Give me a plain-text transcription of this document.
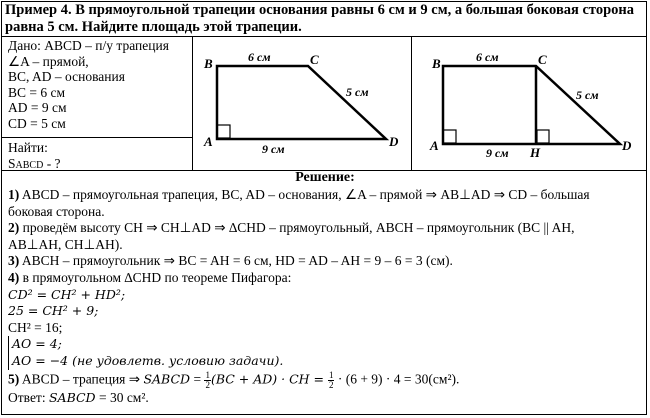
Пример 4. В прямоугольной трапеции основания равны 6 см и 9 см, а большая боковая сторона
равна 5 см. Найдите площадь этой трапеции.
Дано: ABCD – п/у трапеция
∠A – прямой,
BC, AD – основания
BC = 6 см
AD = 9 см
CD = 5 см
Найти:
SABCD - ?
B	C
A	D
6 см
9 см
5 см
B	C
A	D
H
6 см
9 см
5 см
Решение:

1) ABCD – прямоугольная трапеция, BC, AD – основания, ∠A – прямой ⇒ AB⊥AD ⇒ CD – большая

боковая сторона.

2) проведём высоту CH ⇒ CH⊥AD ⇒ ∆CHD – прямоугольный, ABCH – прямоугольник (BC || AH,

AB⊥AH, CH⊥AH).

3) ABCH – прямоугольник ⇒ BC = AH = 6 см, HD = AD – AH = 9 – 6 = 3 (см).

4) в прямоугольном ∆CHD по теореме Пифагора:

CD² = CH² + HD²;

25 = CH² + 9;

CH² = 16;

AO = 4;
AO = −4 (не удовлетв. условию задачи).

5) ABCD – трапеция ⇒ SABCD = $\frac{1}{2} (BC + AD)$ · CH = $\frac{1}{2} \cdot (6 + 9) \cdot 4 = 30(см^2)$.

Ответ: SABCD = 30 см².
